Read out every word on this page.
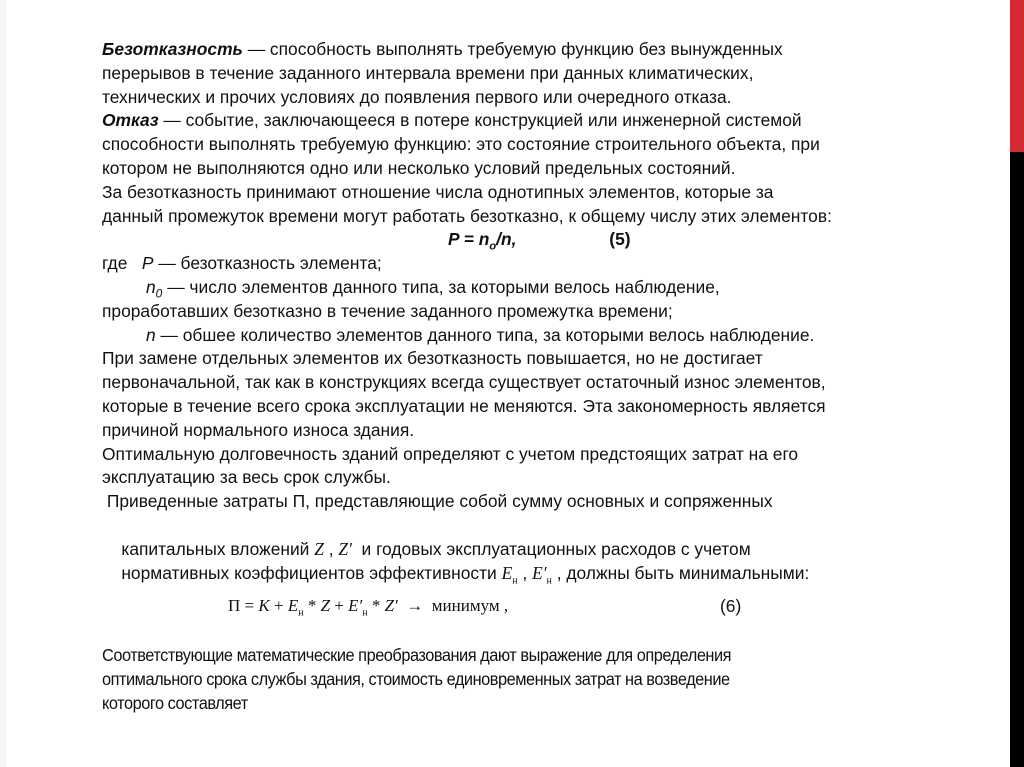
Безотказность — способность выполнять требуемую функцию без вынужденных
перерывов в течение заданного интервала времени при данных климатических,
технических и прочих условиях до появления первого или очередного отказа.
Отказ — событие, заключающееся в потере конструкцией или инженерной системой
способности выполнять требуемую функцию: это состояние строительного объекта, при
котором не выполняются одно или несколько условий предельных состояний.
За безотказность принимают отношение числа однотипных элементов, которые за
данный промежуток времени могут работать безотказно, к общему числу этих элементов:
$P = n_o/n$,	(5)
где   P — безотказность элемента;
$n_0$ — число элементов данного типа, за которыми велось наблюдение,
проработавших безотказно в течение заданного промежутка времени;
n — обшее количество элементов данного типа, за которыми велось наблюдение.
При замене отдельных элементов их безотказность повышается, но не достигает
первоначальной, так как в конструкциях всегда существует остаточный износ элементов,
которые в течение всего срока эксплуатации не меняются. Эта закономерность является
причиной нормального износа здания.
Оптимальную долговечность зданий определяют с учетом предстоящих затрат на его
эксплуатацию за весь срок службы.
Приведенные затраты П, представляющие собой сумму основных и сопряженных

капитальных вложений Z , Z′  и годовых эксплуатационных расходов с учетом

нормативных коэффициентов эффективности $E_н$ , $E'_н$ , должны быть минимальными:

$П = K + E_н * Z + E'_н * Z'$  →  минимум ,	(6)
Соответствующие математические преобразования дают выражение для определения
оптимального срока службы здания, стоимость единовременных затрат на возведение
которого составляет
